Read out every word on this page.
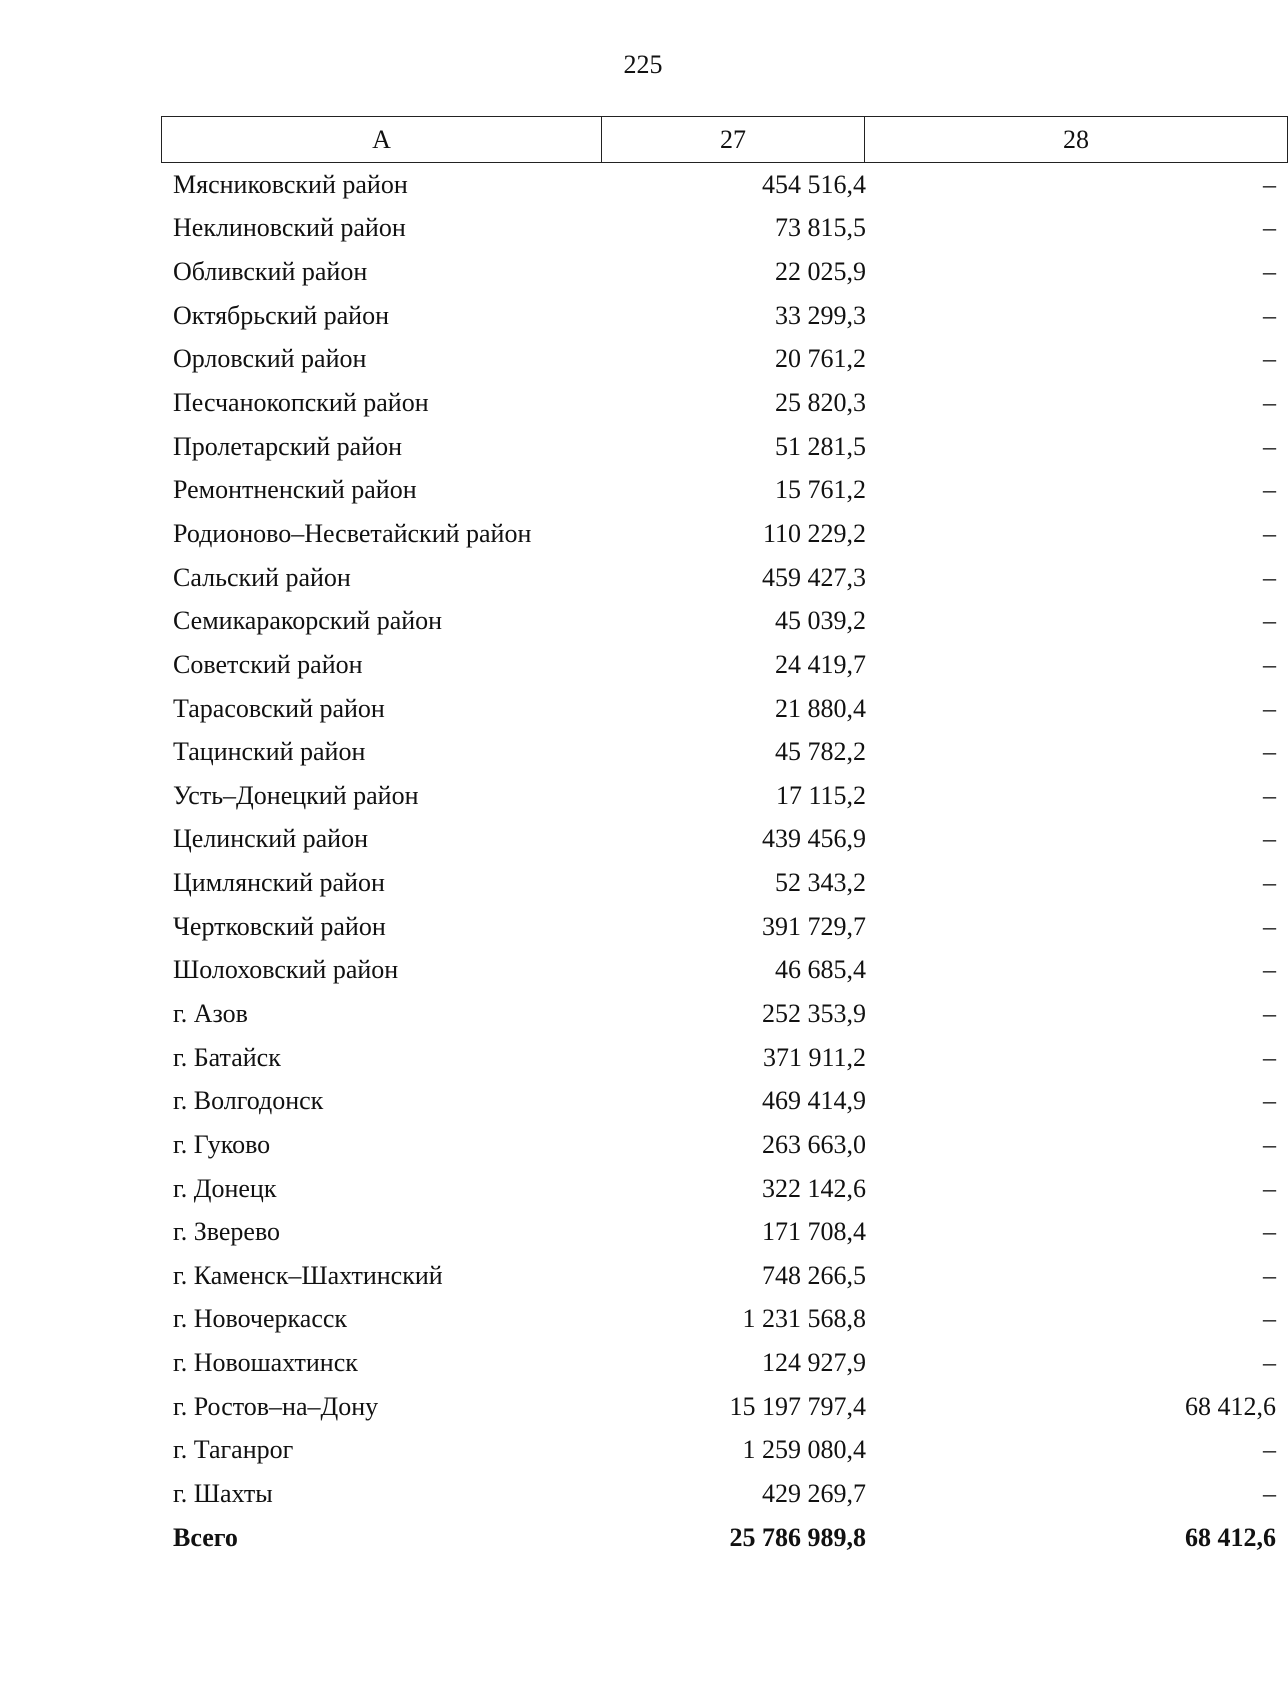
225
А	27	28
Мясниковский район	454 516,4	–
Неклиновский район	73 815,5	–
Обливский район	22 025,9	–
Октябрьский район	33 299,3	–
Орловский район	20 761,2	–
Песчанокопский район	25 820,3	–
Пролетарский район	51 281,5	–
Ремонтненский район	15 761,2	–
Родионово–Несветайский район	110 229,2	–
Сальский район	459 427,3	–
Семикаракорский район	45 039,2	–
Советский район	24 419,7	–
Тарасовский район	21 880,4	–
Тацинский район	45 782,2	–
Усть–Донецкий район	17 115,2	–
Целинский район	439 456,9	–
Цимлянский район	52 343,2	–
Чертковский район	391 729,7	–
Шолоховский район	46 685,4	–
г. Азов	252 353,9	–
г. Батайск	371 911,2	–
г. Волгодонск	469 414,9	–
г. Гуково	263 663,0	–
г. Донецк	322 142,6	–
г. Зверево	171 708,4	–
г. Каменск–Шахтинский	748 266,5	–
г. Новочеркасск	1 231 568,8	–
г. Новошахтинск	124 927,9	–
г. Ростов–на–Дону	15 197 797,4	68 412,6
г. Таганрог	1 259 080,4	–
г. Шахты	429 269,7	–
Всего	25 786 989,8	68 412,6
